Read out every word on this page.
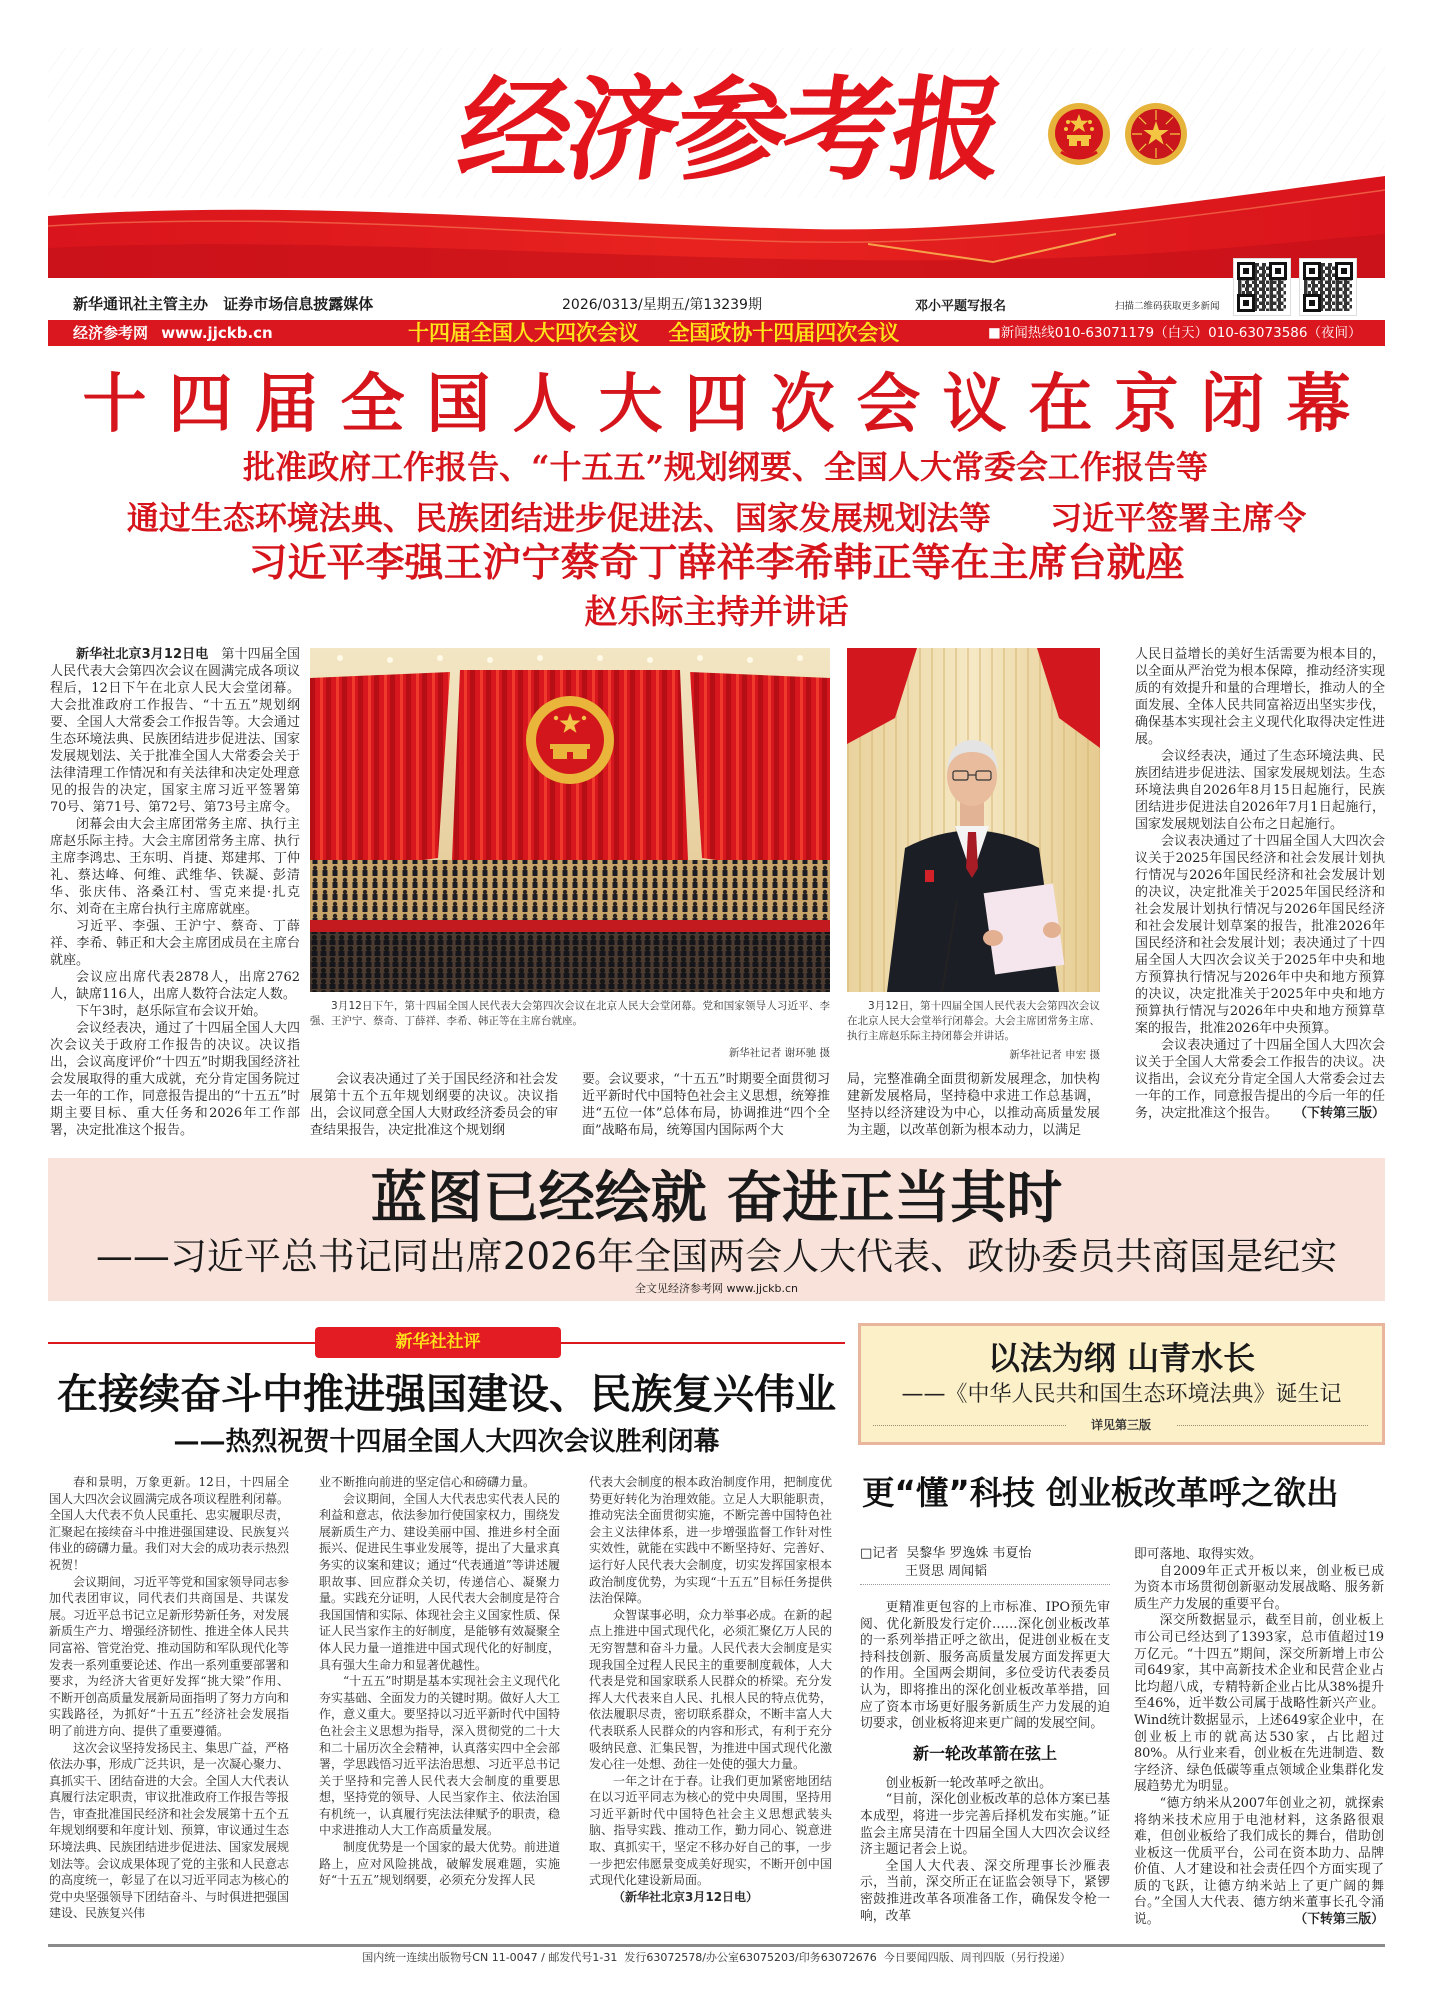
经济参考报
新华通讯社主管主办 证券市场信息披露媒体	2026/0313/星期五/第13239期	邓小平题写报名	扫描二维码获取更多新闻
经济参考网 www.jjckb.cn	十四届全国人大四次会议 全国政协十四届四次会议	■新闻热线010-63071179（白天）010-63073586（夜间）
十四届全国人大四次会议在京闭幕
批准政府工作报告、“十五五”规划纲要、全国人大常委会工作报告等
通过生态环境法典、民族团结进步促进法、国家发展规划法等 习近平签署主席令
习近平李强王沪宁蔡奇丁薛祥李希韩正等在主席台就座
赵乐际主持并讲话

新华社北京3月12日电 第十四届全国人民代表大会第四次会议在圆满完成各项议程后，12日下午在北京人民大会堂闭幕。大会批准政府工作报告、“十五五”规划纲要、全国人大常委会工作报告等。大会通过生态环境法典、民族团结进步促进法、国家发展规划法、关于批准全国人大常委会关于法律清理工作情况和有关法律和决定处理意见的报告的决定，国家主席习近平签署第70号、第71号、第72号、第73号主席令。

闭幕会由大会主席团常务主席、执行主席赵乐际主持。大会主席团常务主席、执行主席李鸿忠、王东明、肖捷、郑建邦、丁仲礼、蔡达峰、何维、武维华、铁凝、彭清华、张庆伟、洛桑江村、雪克来提·扎克尔、刘奇在主席台执行主席席就座。

习近平、李强、王沪宁、蔡奇、丁薛祥、李希、韩正和大会主席团成员在主席台就座。

会议应出席代表2878人，出席2762人，缺席116人，出席人数符合法定人数。

下午3时，赵乐际宣布会议开始。

会议经表决，通过了十四届全国人大四次会议关于政府工作报告的决议。决议指出，会议高度评价“十四五”时期我国经济社会发展取得的重大成就，充分肯定国务院过去一年的工作，同意报告提出的“十五五”时期主要目标、重大任务和2026年工作部署，决定批准这个报告。

3月12日下午，第十四届全国人民代表大会第四次会议在北京人民大会堂闭幕。党和国家领导人习近平、李强、王沪宁、蔡奇、丁薛祥、李希、韩正等在主席台就座。

新华社记者 谢环驰 摄

会议表决通过了关于国民经济和社会发展第十五个五年规划纲要的决议。决议指出，会议同意全国人大财政经济委员会的审查结果报告，决定批准这个规划纲

要。会议要求，“十五五”时期要全面贯彻习近平新时代中国特色社会主义思想，统筹推进“五位一体”总体布局，协调推进“四个全面”战略布局，统筹国内国际两个大

3月12日，第十四届全国人民代表大会第四次会议在北京人民大会堂举行闭幕会。大会主席团常务主席、执行主席赵乐际主持闭幕会并讲话。

新华社记者 申宏 摄

局，完整准确全面贯彻新发展理念，加快构建新发展格局，坚持稳中求进工作总基调，坚持以经济建设为中心，以推动高质量发展为主题，以改革创新为根本动力，以满足

人民日益增长的美好生活需要为根本目的，以全面从严治党为根本保障，推动经济实现质的有效提升和量的合理增长，推动人的全面发展、全体人民共同富裕迈出坚实步伐，确保基本实现社会主义现代化取得决定性进展。

会议经表决，通过了生态环境法典、民族团结进步促进法、国家发展规划法。生态环境法典自2026年8月15日起施行，民族团结进步促进法自2026年7月1日起施行，国家发展规划法自公布之日起施行。

会议表决通过了十四届全国人大四次会议关于2025年国民经济和社会发展计划执行情况与2026年国民经济和社会发展计划的决议，决定批准关于2025年国民经济和社会发展计划执行情况与2026年国民经济和社会发展计划草案的报告，批准2026年国民经济和社会发展计划；表决通过了十四届全国人大四次会议关于2025年中央和地方预算执行情况与2026年中央和地方预算的决议，决定批准关于2025年中央和地方预算执行情况与2026年中央和地方预算草案的报告，批准2026年中央预算。

会议表决通过了十四届全国人大四次会议关于全国人大常委会工作报告的决议。决议指出，会议充分肯定全国人大常委会过去一年的工作，同意报告提出的今后一年的任务，决定批准这个报告。 （下转第三版）

蓝图已经绘就 奋进正当其时
——习近平总书记同出席2026年全国两会人大代表、政协委员共商国是纪实
全文见经济参考网 www.jjckb.cn
新华社社评
在接续奋斗中推进强国建设、民族复兴伟业
——热烈祝贺十四届全国人大四次会议胜利闭幕

春和景明，万象更新。12日，十四届全国人大四次会议圆满完成各项议程胜利闭幕。全国人大代表不负人民重托、忠实履职尽责，汇聚起在接续奋斗中推进强国建设、民族复兴伟业的磅礴力量。我们对大会的成功表示热烈祝贺！

会议期间，习近平等党和国家领导同志参加代表团审议，同代表们共商国是、共谋发展。习近平总书记立足新形势新任务，对发展新质生产力、增强经济韧性、推进全体人民共同富裕、管党治党、推动国防和军队现代化等发表一系列重要论述、作出一系列重要部署和要求，为经济大省更好发挥“挑大梁”作用、不断开创高质量发展新局面指明了努力方向和实践路径，为抓好“十五五”经济社会发展指明了前进方向、提供了重要遵循。

这次会议坚持发扬民主、集思广益，严格依法办事，形成广泛共识，是一次凝心聚力、真抓实干、团结奋进的大会。全国人大代表认真履行法定职责，审议批准政府工作报告等报告，审查批准国民经济和社会发展第十五个五年规划纲要和年度计划、预算，审议通过生态环境法典、民族团结进步促进法、国家发展规划法等。会议成果体现了党的主张和人民意志的高度统一，彰显了在以习近平同志为核心的党中央坚强领导下团结奋斗、与时俱进把强国建设、民族复兴伟

业不断推向前进的坚定信心和磅礴力量。

会议期间，全国人大代表忠实代表人民的利益和意志，依法参加行使国家权力，围绕发展新质生产力、建设美丽中国、推进乡村全面振兴、促进民生事业发展等，提出了大量求真务实的议案和建议；通过“代表通道”等讲述履职故事、回应群众关切，传递信心、凝聚力量。实践充分证明，人民代表大会制度是符合我国国情和实际、体现社会主义国家性质、保证人民当家作主的好制度，是能够有效凝聚全体人民力量一道推进中国式现代化的好制度，具有强大生命力和显著优越性。

“十五五”时期是基本实现社会主义现代化夯实基础、全面发力的关键时期。做好人大工作，意义重大。要坚持以习近平新时代中国特色社会主义思想为指导，深入贯彻党的二十大和二十届历次全会精神，认真落实四中全会部署，学思践悟习近平法治思想、习近平总书记关于坚持和完善人民代表大会制度的重要思想，坚持党的领导、人民当家作主、依法治国有机统一，认真履行宪法法律赋予的职责，稳中求进推动人大工作高质量发展。

制度优势是一个国家的最大优势。前进道路上，应对风险挑战，破解发展难题，实施好“十五五”规划纲要，必须充分发挥人民

代表大会制度的根本政治制度作用，把制度优势更好转化为治理效能。立足人大职能职责，推动宪法全面贯彻实施，不断完善中国特色社会主义法律体系，进一步增强监督工作针对性实效性，就能在实践中不断坚持好、完善好、运行好人民代表大会制度，切实发挥国家根本政治制度优势，为实现“十五五”目标任务提供法治保障。

众智谋事必明，众力举事必成。在新的起点上推进中国式现代化，必须汇聚亿万人民的无穷智慧和奋斗力量。人民代表大会制度是实现我国全过程人民民主的重要制度载体，人大代表是党和国家联系人民群众的桥梁。充分发挥人大代表来自人民、扎根人民的特点优势，依法履职尽责，密切联系群众，不断丰富人大代表联系人民群众的内容和形式，有利于充分吸纳民意、汇集民智，为推进中国式现代化激发心往一处想、劲往一处使的强大力量。

一年之计在于春。让我们更加紧密地团结在以习近平同志为核心的党中央周围，坚持用习近平新时代中国特色社会主义思想武装头脑、指导实践、推动工作，勤力同心、锐意进取、真抓实干，坚定不移办好自己的事，一步一步把宏伟愿景变成美好现实，不断开创中国式现代化建设新局面。

（新华社北京3月12日电）

以法为纲 山青水长
——《中华人民共和国生态环境法典》诞生记
详见第三版
更“懂”科技 创业板改革呼之欲出
□记者 吴黎华 罗逸姝 韦夏怡
王贤思 周闻韬

更精准更包容的上市标准、IPO预先审阅、优化新股发行定价……深化创业板改革的一系列举措正呼之欲出，促进创业板在支持科技创新、服务高质量发展方面发挥更大的作用。全国两会期间，多位受访代表委员认为，即将推出的深化创业板改革举措，回应了资本市场更好服务新质生产力发展的迫切要求，创业板将迎来更广阔的发展空间。

新一轮改革箭在弦上

创业板新一轮改革呼之欲出。

“目前，深化创业板改革的总体方案已基本成型，将进一步完善后择机发布实施。”证监会主席吴清在十四届全国人大四次会议经济主题记者会上说。

全国人大代表、深交所理事长沙雁表示，当前，深交所正在证监会领导下，紧锣密鼓推进改革各项准备工作，确保发令枪一响，改革

即可落地、取得实效。

自2009年正式开板以来，创业板已成为资本市场贯彻创新驱动发展战略、服务新质生产力发展的重要平台。

深交所数据显示，截至目前，创业板上市公司已经达到了1393家，总市值超过19万亿元。“十四五”期间，深交所新增上市公司649家，其中高新技术企业和民营企业占比均超八成，专精特新企业占比从38%提升至46%，近半数公司属于战略性新兴产业。Wind统计数据显示，上述649家企业中，在创业板上市的就高达530家，占比超过80%。从行业来看，创业板在先进制造、数字经济、绿色低碳等重点领域企业集群化发展趋势尤为明显。

“德方纳米从2007年创业之初，就探索将纳米技术应用于电池材料，这条路很艰难，但创业板给了我们成长的舞台，借助创业板这一优质平台，公司在资本助力、品牌价值、人才建设和社会责任四个方面实现了质的飞跃，让德方纳米站上了更广阔的舞台。”全国人大代表、德方纳米董事长孔令涌说。	（下转第三版）

国内统一连续出版物号CN 11-0047 / 邮发代号1-31  发行63072578/办公室63075203/印务63072676  今日要闻四版、周刊四版（另行投递）
